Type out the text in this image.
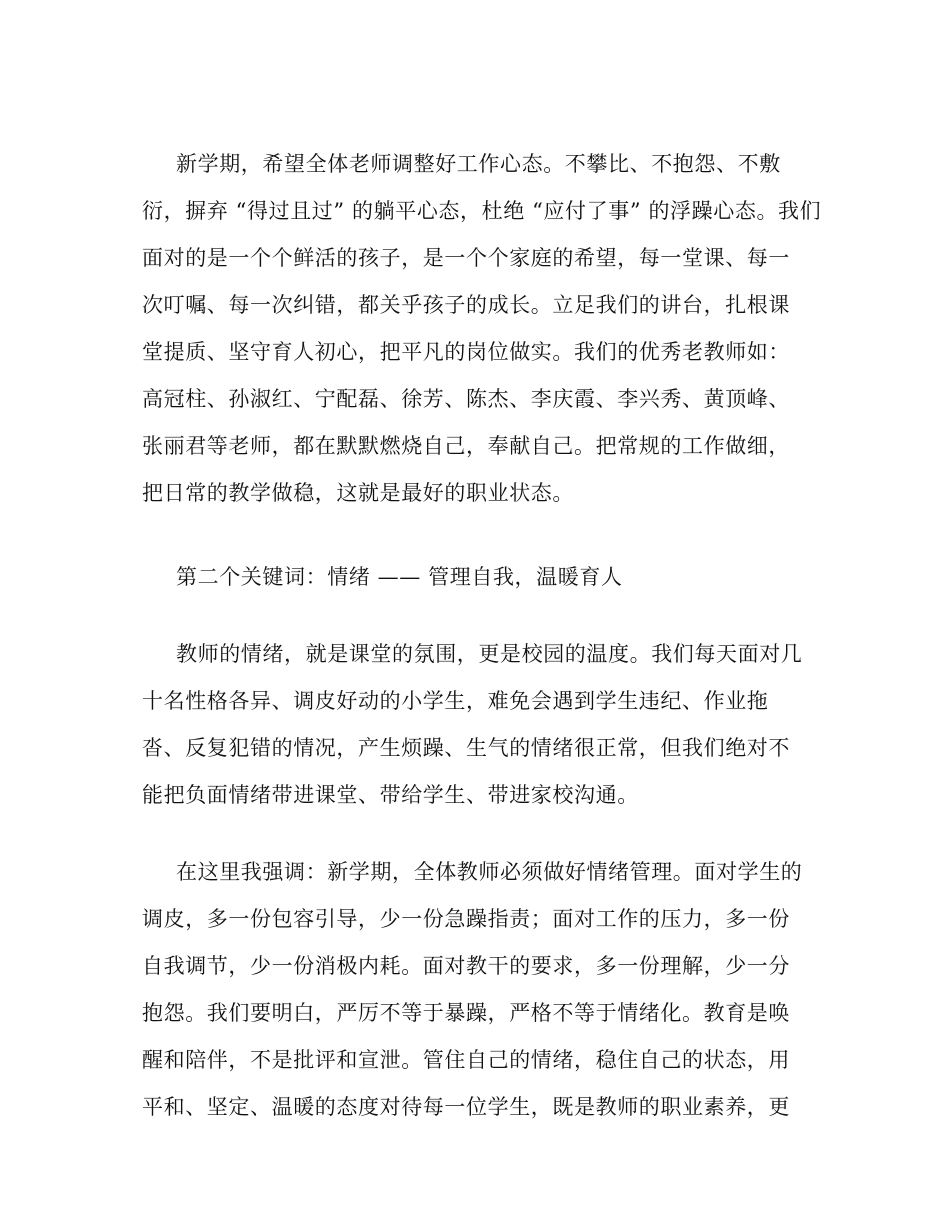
新学期，希望全体老师调整好工作心态。不攀比、不抱怨、不敷
衍，摒弃 “得过且过” 的躺平心态，杜绝 “应付了事” 的浮躁心态。我们
面对的是一个个鲜活的孩子，是一个个家庭的希望，每一堂课、每一
次叮嘱、每一次纠错，都关乎孩子的成长。立足我们的讲台，扎根课
堂提质、坚守育人初心，把平凡的岗位做实。我们的优秀老教师如：
高冠柱、孙淑红、宁配磊、徐芳、陈杰、李庆霞、李兴秀、黄顶峰、
张丽君等老师，都在默默燃烧自己，奉献自己。把常规的工作做细，
把日常的教学做稳，这就是最好的职业状态。
第二个关键词：情绪 —— 管理自我，温暖育人
教师的情绪，就是课堂的氛围，更是校园的温度。我们每天面对几
十名性格各异、调皮好动的小学生，难免会遇到学生违纪、作业拖
沓、反复犯错的情况，产生烦躁、生气的情绪很正常，但我们绝对不
能把负面情绪带进课堂、带给学生、带进家校沟通。
在这里我强调：新学期，全体教师必须做好情绪管理。面对学生的
调皮，多一份包容引导，少一份急躁指责；面对工作的压力，多一份
自我调节，少一份消极内耗。面对教干的要求，多一份理解，少一分
抱怨。我们要明白，严厉不等于暴躁，严格不等于情绪化。教育是唤
醒和陪伴，不是批评和宣泄。管住自己的情绪，稳住自己的状态，用
平和、坚定、温暖的态度对待每一位学生，既是教师的职业素养，更
